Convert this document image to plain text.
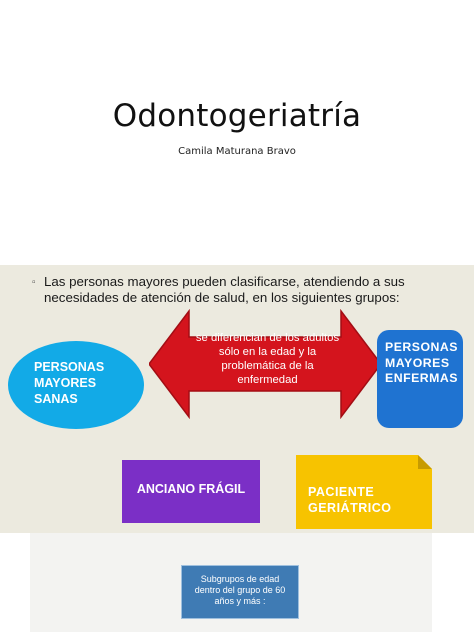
Odontogeriatría
Camila Maturana Bravo
▫ Las personas mayores pueden clasificarse, atendiendo a sus
necesidades de atención de salud, en los siguientes grupos:
se diferencian de los adultos sólo en la edad y la problemática de la enfermedad
PERSONAS
MAYORES
SANAS
PERSONAS MAYORES ENFERMAS
ANCIANO FRÁGIL	PACIENTE
GERIÁTRICO
Subgrupos de edad
dentro del grupo de 60
años y más :
